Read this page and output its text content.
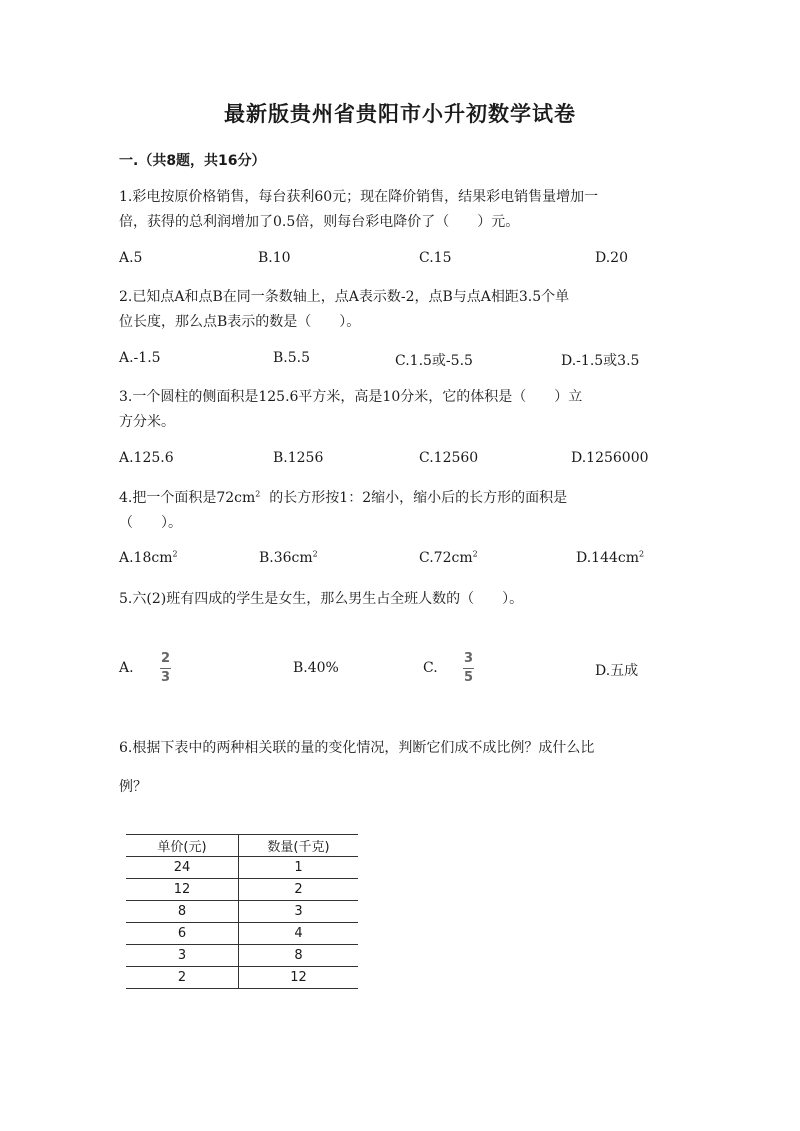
最新版贵州省贵阳市小升初数学试卷
一.（共8题，共16分）
1.彩电按原价格销售，每台获利60元；现在降价销售，结果彩电销售量增加一
倍，获得的总利润增加了0.5倍，则每台彩电降价了（　　）元。
A.5	B.10	C.15	D.20
2.已知点A和点B在同一条数轴上，点A表示数-2，点B与点A相距3.5个单
位长度，那么点B表示的数是（　　）。
A.-1.5	B.5.5	C.1.5或-5.5	D.-1.5或3.5
3.一个圆柱的侧面积是125.6平方米，高是10分米，它的体积是（　　）立
方分米。
A.125.6	B.1256	C.12560	D.1256000
4.把一个面积是$72cm^2$ 的长方形按1：2缩小，缩小后的长方形的面积是
（　　）。
$A.18cm^2$	$B.36cm^2$	$C.72cm^2$	$D.144cm^2$
5.六(2)班有四成的学生是女生，那么男生占全班人数的（　　）。
A.
2
3
B.40%	C.
3
5	D.五成
6.根据下表中的两种相关联的量的变化情况，判断它们成不成比例？成什么比
例？
单价(元)	数量(千克)
24	1
12	2
8	3
6	4
3	8
2	12
